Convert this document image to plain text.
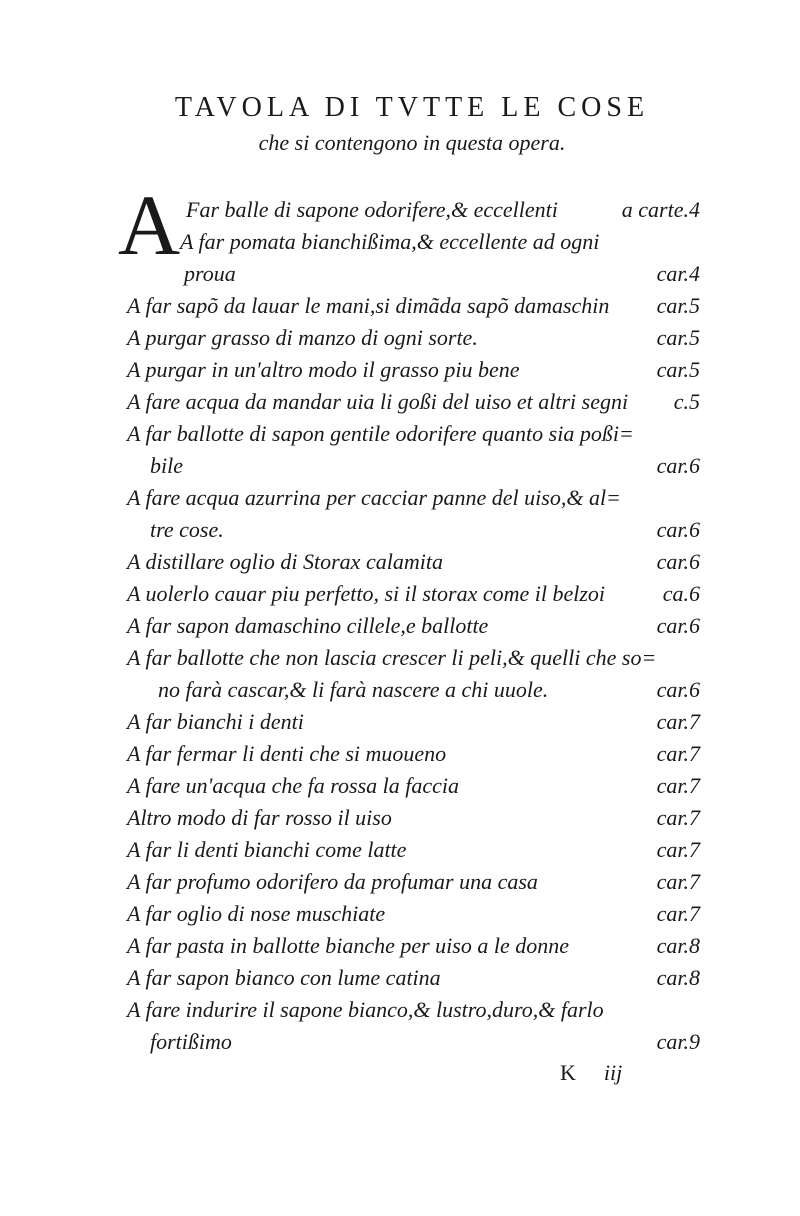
TAVOLA DI TVTTE LE COSE
che si contengono in questa opera.
A Far balle di sapone odorifere,& eccellenti	a carte.4
A far pomata bianchißima,& eccellente ad ogni
proua	car.4
A far sapõ da lauar le mani,si dimãda sapõ damaschin car.5
A purgar grasso di manzo di ogni sorte.	car.5
A purgar in un'altro modo il grasso piu bene	car.5
A fare acqua da mandar uia li goßi del uiso et altri segni c.5
A far ballotte di sapon gentile odorifere quanto sia poßi=
bile	car.6
A fare acqua azurrina per cacciar panne del uiso,& al=
tre cose.	car.6
A distillare oglio di Storax calamita	car.6
A uolerlo cauar piu perfetto, si il storax come il belzoi	ca.6
A far sapon damaschino cillele,e ballotte	car.6
A far ballotte che non lascia crescer li peli,& quelli che so=
no farà cascar,& li farà nascere a chi uuole.	car.6
A far bianchi i denti	car.7
A far fermar li denti che si muoueno	car.7
A fare un'acqua che fa rossa la faccia	car.7
Altro modo di far rosso il uiso	car.7
A far li denti bianchi come latte	car.7
A far profumo odorifero da profumar una casa	car.7
A far oglio di nose muschiate	car.7
A far pasta in ballotte bianche per uiso a le donne	car.8
A far sapon bianco con lume catina	car.8
A fare indurire il sapone bianco,& lustro,duro,& farlo
fortißimo	car.9
K iij
